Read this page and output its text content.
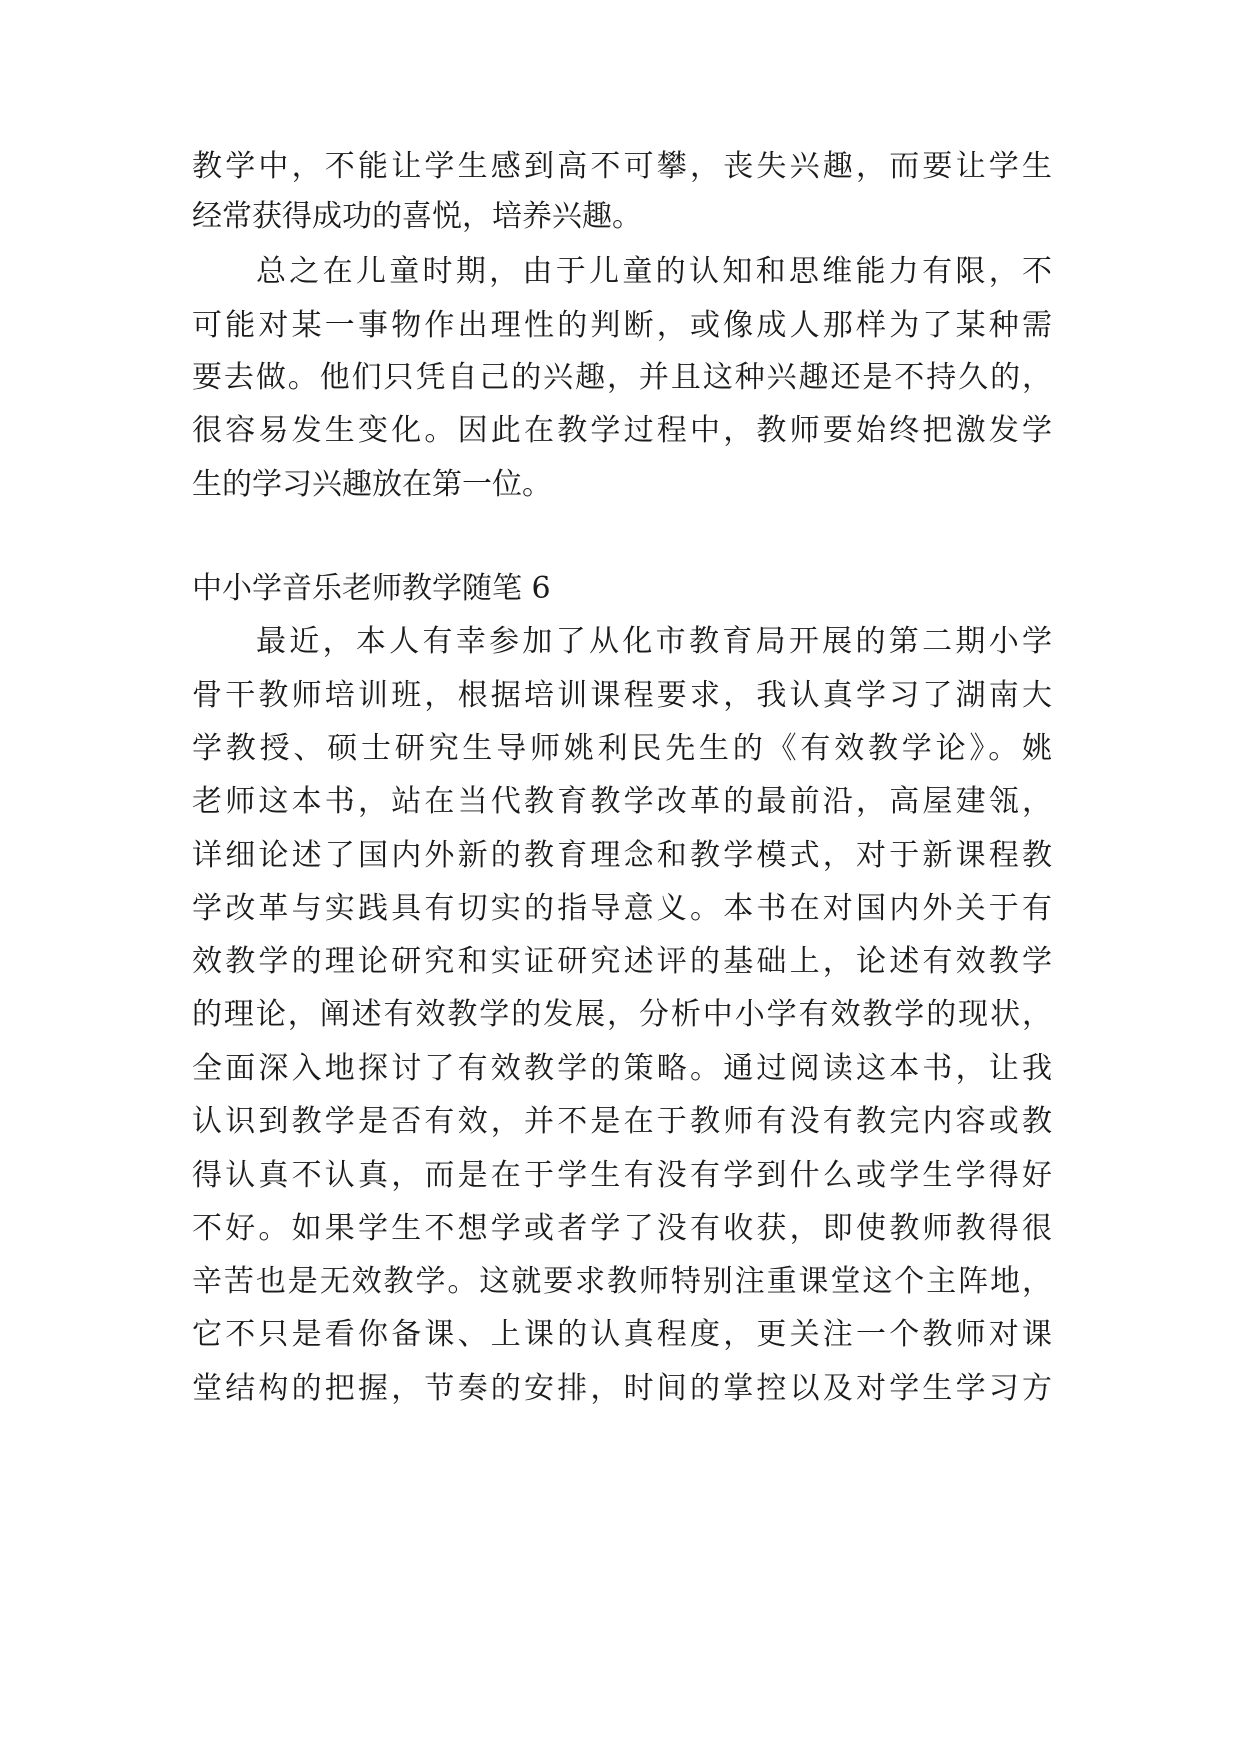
教学中，不能让学生感到高不可攀，丧失兴趣，而要让学生
经常获得成功的喜悦，培养兴趣。
总之在儿童时期，由于儿童的认知和思维能力有限，不
可能对某一事物作出理性的判断，或像成人那样为了某种需
要去做。他们只凭自己的兴趣，并且这种兴趣还是不持久的，
很容易发生变化。因此在教学过程中，教师要始终把激发学
生的学习兴趣放在第一位。
中小学音乐老师教学随笔 6
最近，本人有幸参加了从化市教育局开展的第二期小学
骨干教师培训班，根据培训课程要求，我认真学习了湖南大
学教授、硕士研究生导师姚利民先生的《有效教学论》。姚
老师这本书，站在当代教育教学改革的最前沿，高屋建瓴，
详细论述了国内外新的教育理念和教学模式，对于新课程教
学改革与实践具有切实的指导意义。本书在对国内外关于有
效教学的理论研究和实证研究述评的基础上，论述有效教学
的理论，阐述有效教学的发展，分析中小学有效教学的现状，
全面深入地探讨了有效教学的策略。通过阅读这本书，让我
认识到教学是否有效，并不是在于教师有没有教完内容或教
得认真不认真，而是在于学生有没有学到什么或学生学得好
不好。如果学生不想学或者学了没有收获，即使教师教得很
辛苦也是无效教学。这就要求教师特别注重课堂这个主阵地，
它不只是看你备课、上课的认真程度，更关注一个教师对课
堂结构的把握，节奏的安排，时间的掌控以及对学生学习方
